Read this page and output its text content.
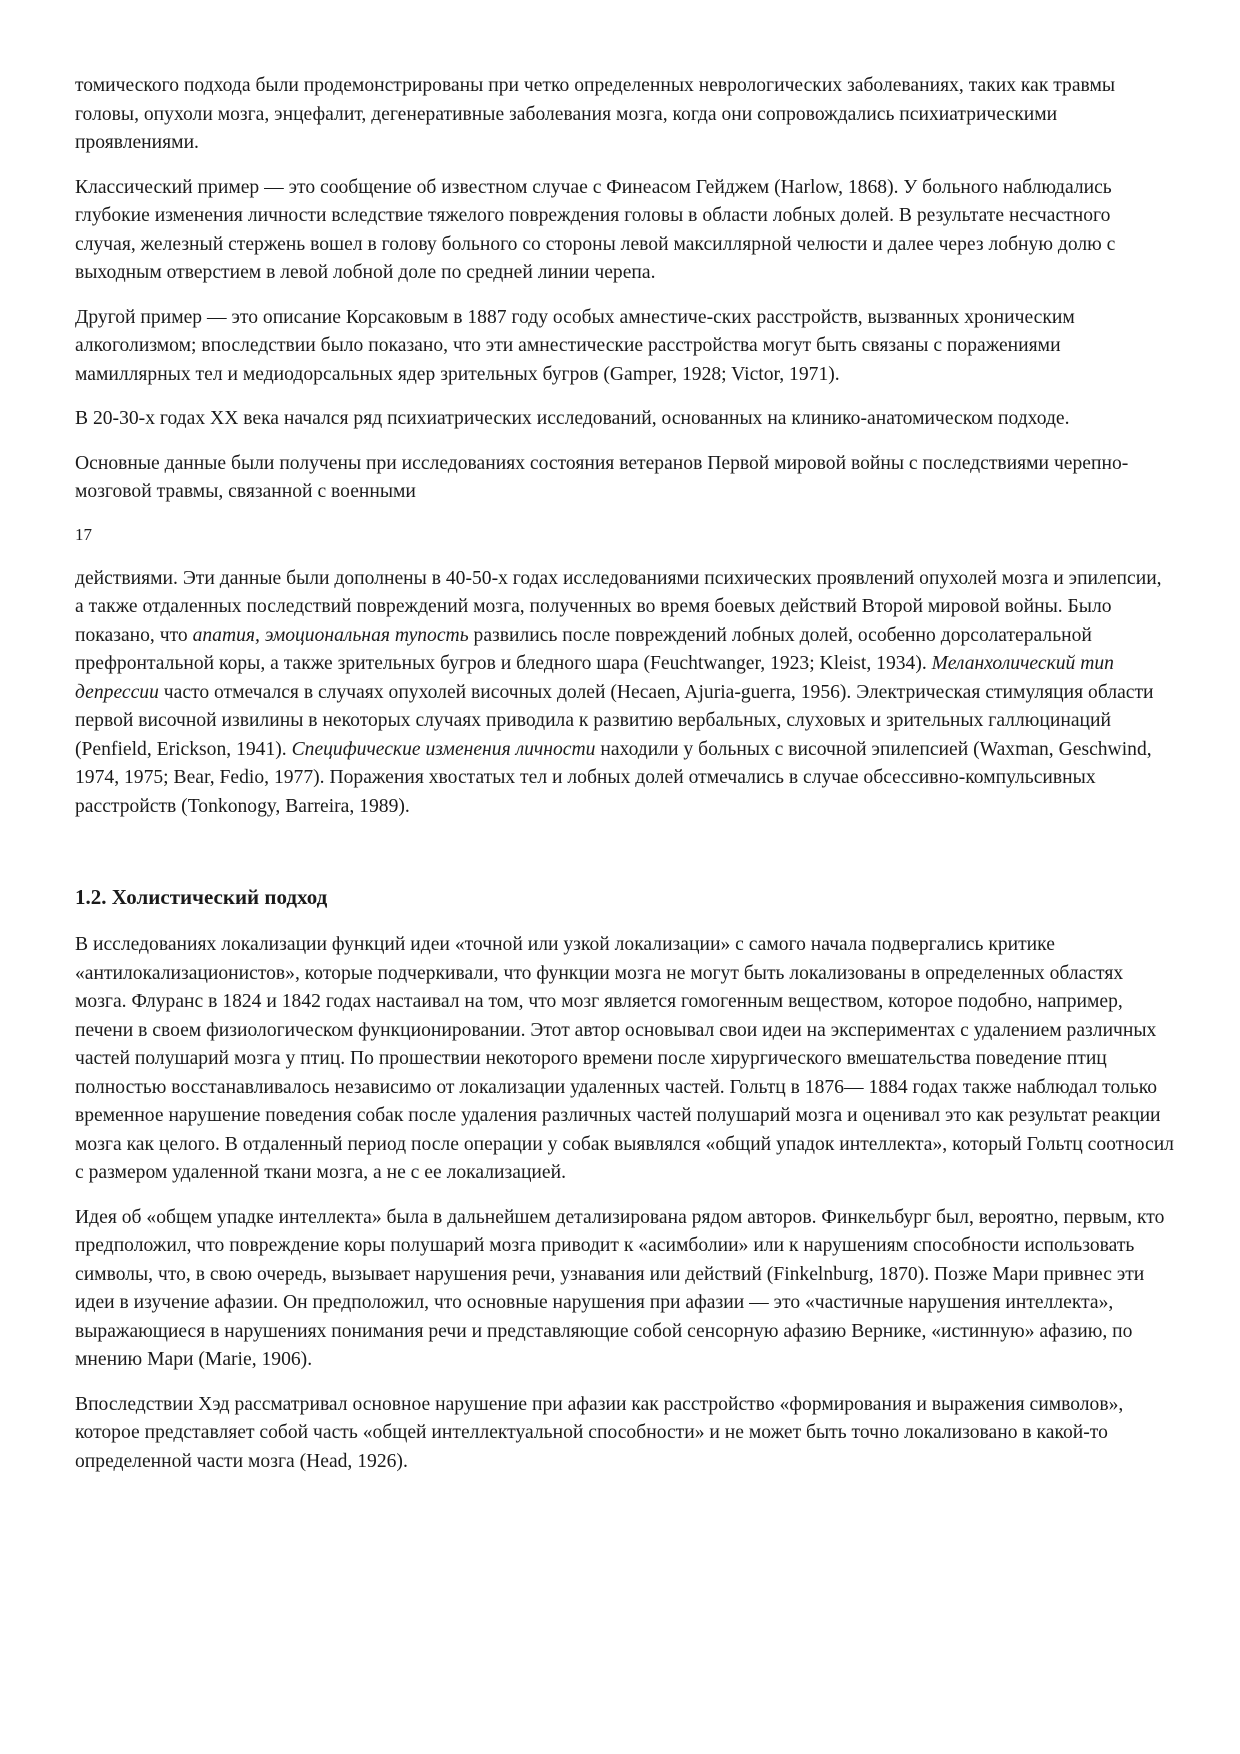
томического подхода были продемонстрированы при четко определенных неврологических заболеваниях, таких как травмы головы, опухоли мозга, энцефалит, дегенеративные заболевания мозга, когда они сопровождались психиатрическими проявлениями.

Классический пример — это сообщение об известном случае с Финеасом Гейджем (Harlow, 1868). У больного наблюдались глубокие изменения личности вследствие тяжелого повреждения головы в области лобных долей. В результате несчастного случая, железный стержень вошел в голову больного со стороны левой максиллярной челюсти и далее через лобную долю с выходным отверстием в левой лобной доле по средней линии черепа.

Другой пример — это описание Корсаковым в 1887 году особых амнестиче-ских расстройств, вызванных хроническим алкоголизмом; впоследствии было показано, что эти амнестические расстройства могут быть связаны с поражениями мамиллярных тел и медиодорсальных ядер зрительных бугров (Gamper, 1928; Victor, 1971).

В 20-30-х годах XX века начался ряд психиатрических исследований, основанных на клинико-анатомическом подходе.

Основные данные были получены при исследованиях состояния ветеранов Первой мировой войны с последствиями черепно-мозговой травмы, связанной с военными

17

действиями. Эти данные были дополнены в 40-50-х годах исследованиями психических проявлений опухолей мозга и эпилепсии, а также отдаленных последствий повреждений мозга, полученных во время боевых действий Второй мировой войны. Было показано, что апатия, эмоциональная тупость развились после повреждений лобных долей, особенно дорсолатеральной префронтальной коры, а также зрительных бугров и бледного шара (Feuchtwanger, 1923; Kleist, 1934). Меланхолический тип депрессии часто отмечался в случаях опухолей височных долей (Hecaen, Ajuria-guerra, 1956). Электрическая стимуляция области первой височной извилины в некоторых случаях приводила к развитию вербальных, слуховых и зрительных галлюцинаций (Penfield, Erickson, 1941). Специфические изменения личности находили у больных с височной эпилепсией (Waxman, Geschwind, 1974, 1975; Bear, Fedio, 1977). Поражения хвостатых тел и лобных долей отмечались в случае обсессивно-компульсивных расстройств (Tonkonogy, Barreira, 1989).

1.2. Холистический подход

В исследованиях локализации функций идеи «точной или узкой локализации» с самого начала подвергались критике «антилокализационистов», которые подчеркивали, что функции мозга не могут быть локализованы в определенных областях мозга. Флуранс в 1824 и 1842 годах настаивал на том, что мозг является гомогенным веществом, которое подобно, например, печени в своем физиологическом функционировании. Этот автор основывал свои идеи на экспериментах с удалением различных частей полушарий мозга у птиц. По прошествии некоторого времени после хирургического вмешательства поведение птиц полностью восстанавливалось независимо от локализации удаленных частей. Гольтц в 1876— 1884 годах также наблюдал только временное нарушение поведения собак после удаления различных частей полушарий мозга и оценивал это как результат реакции мозга как целого. В отдаленный период после операции у собак выявлялся «общий упадок интеллекта», который Гольтц соотносил с размером удаленной ткани мозга, а не с ее локализацией.

Идея об «общем упадке интеллекта» была в дальнейшем детализирована рядом авторов. Финкельбург был, вероятно, первым, кто предположил, что повреждение коры полушарий мозга приводит к «асимболии» или к нарушениям способности использовать символы, что, в свою очередь, вызывает нарушения речи, узнавания или действий (Finkelnburg, 1870). Позже Мари привнес эти идеи в изучение афазии. Он предположил, что основные нарушения при афазии — это «частичные нарушения интеллекта», выражающиеся в нарушениях понимания речи и представляющие собой сенсорную афазию Вернике, «истинную» афазию, по мнению Мари (Marie, 1906).

Впоследствии Хэд рассматривал основное нарушение при афазии как расстройство «формирования и выражения символов», которое представляет собой часть «общей интеллектуальной способности» и не может быть точно локализовано в какой-то определенной части мозга (Head, 1926).
